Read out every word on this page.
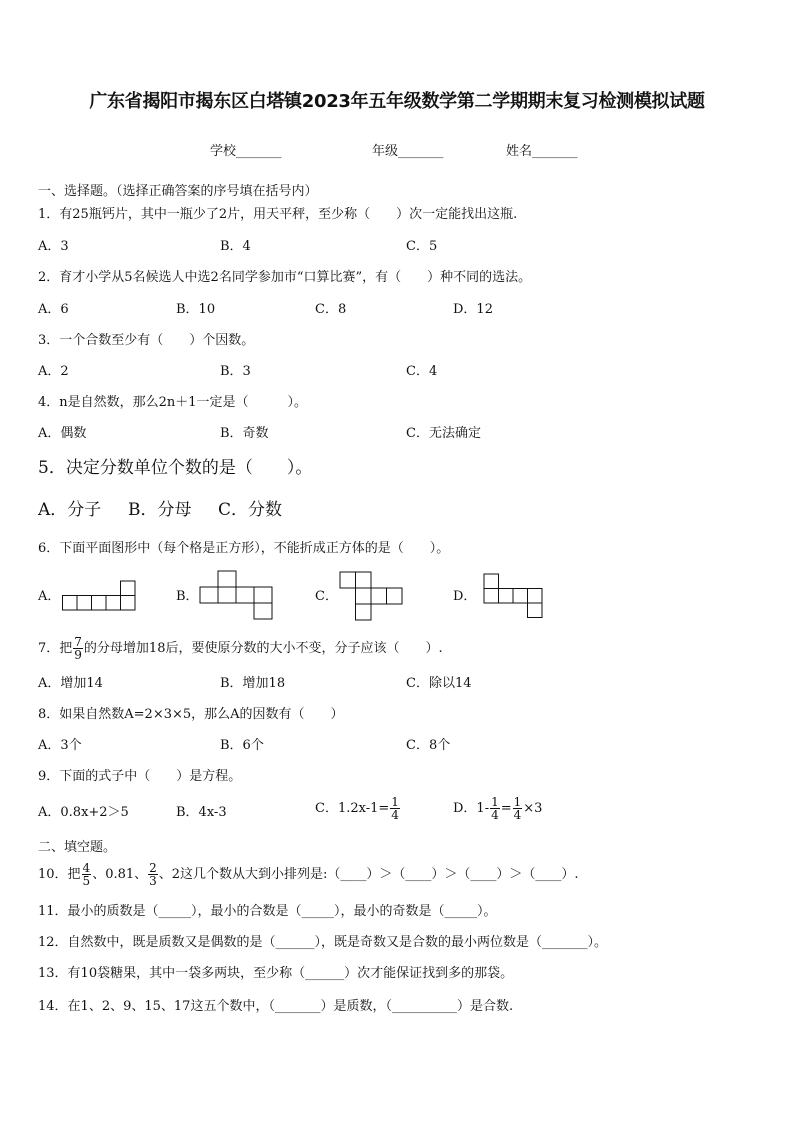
广东省揭阳市揭东区白塔镇2023年五年级数学第二学期期末复习检测模拟试题
学校_______	年级_______	姓名_______
一、选择题。（选择正确答案的序号填在括号内）
1．有25瓶钙片，其中一瓶少了2片，用天平秤，至少称（　　）次一定能找出这瓶.
A．3	B．4	C．5
2．育才小学从5名候选人中选2名同学参加市“口算比赛”，有（　　）种不同的选法。
A．6	B．10	C．8	D．12
3．一个合数至少有（　　）个因数。
A．2	B．3	C．4
4．n是自然数，那么2n＋1一定是（　　　）。
A．偶数	B．奇数	C．无法确定
5．决定分数单位个数的是（　　）。
A．分子 B．分母 C．分数
6．下面平面图形中（每个格是正方形），不能折成正方体的是（　　）。
A．	B．	C．	D．
7．把 $\frac{7}{9}$ 的分母增加18后，要使原分数的大小不变，分子应该（　　）.
A．增加14	B．增加18	C．除以14
8．如果自然数A=2×3×5，那么A的因数有（　　）
A．3个	B．6个	C．8个
9．下面的式子中（　　）是方程。
A．0.8x+2＞5	B．4x-3	C．$1.2x-1= \frac{1}{4}$	D．$1- \frac{1}{4} = \frac{1}{4} \times 3$
二、填空题。
10．把 $\frac{4}{5}$ 、0.81、 $\frac{2}{3}$ 、2这几个数从大到小排列是:（____）＞（____）＞（____）＞（____）.
11．最小的质数是（_____），最小的合数是（_____），最小的奇数是（_____）。
12．自然数中，既是质数又是偶数的是（______），既是奇数又是合数的最小两位数是（_______）。
13．有10袋糖果，其中一袋多两块，至少称（______）次才能保证找到多的那袋。
14．在1、2、9、15、17这五个数中，（_______）是质数，（__________）是合数.
